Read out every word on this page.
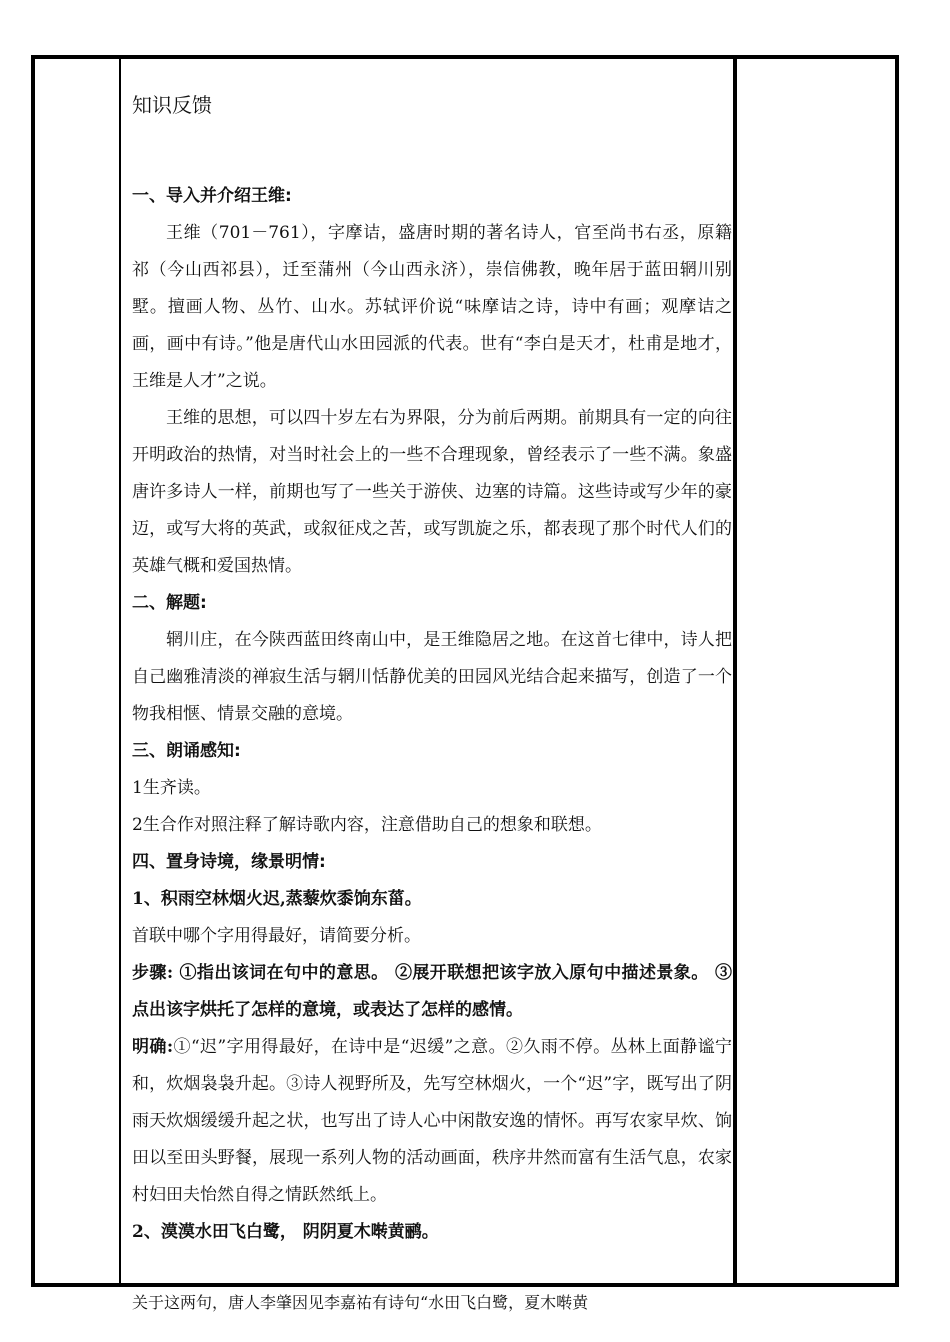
知识反馈
一、导入并介绍王维:
王维（701－761），字摩诘，盛唐时期的著名诗人，官至尚书右丞，原籍祁（今山西祁县），迁至蒲州（今山西永济），崇信佛教，晚年居于蓝田辋川别墅。擅画人物、丛竹、山水。苏轼评价说“味摩诘之诗，诗中有画；观摩诘之画，画中有诗。”他是唐代山水田园派的代表。世有“李白是天才，杜甫是地才，王维是人才”之说。
王维的思想，可以四十岁左右为界限，分为前后两期。前期具有一定的向往开明政治的热情，对当时社会上的一些不合理现象，曾经表示了一些不满。象盛唐许多诗人一样，前期也写了一些关于游侠、边塞的诗篇。这些诗或写少年的豪迈，或写大将的英武，或叙征戍之苦，或写凯旋之乐，都表现了那个时代人们的英雄气概和爱国热情。
二、解题:
辋川庄，在今陕西蓝田终南山中，是王维隐居之地。在这首七律中，诗人把自己幽雅清淡的禅寂生活与辋川恬静优美的田园风光结合起来描写，创造了一个物我相惬、情景交融的意境。
三、朗诵感知:
1生齐读。
2生合作对照注释了解诗歌内容，注意借助自己的想象和联想。
四、置身诗境，缘景明情:
1、积雨空林烟火迟,蒸藜炊黍饷东菑。
首联中哪个字用得最好，请简要分析。
步骤: ①指出该词在句中的意思。 ②展开联想把该字放入原句中描述景象。 ③点出该字烘托了怎样的意境，或表达了怎样的感情。
明确:①“迟”字用得最好，在诗中是“迟缓”之意。②久雨不停。丛林上面静谧宁和，炊烟袅袅升起。③诗人视野所及，先写空林烟火，一个“迟”字，既写出了阴雨天炊烟缓缓升起之状，也写出了诗人心中闲散安逸的情怀。再写农家早炊、饷田以至田头野餐，展现一系列人物的活动画面，秩序井然而富有生活气息，农家村妇田夫怡然自得之情跃然纸上。
2、漠漠水田飞白鹭， 阴阴夏木啭黄鹂。
关于这两句，唐人李肇因见李嘉祐有诗句“水田飞白鹭，夏木啭黄
